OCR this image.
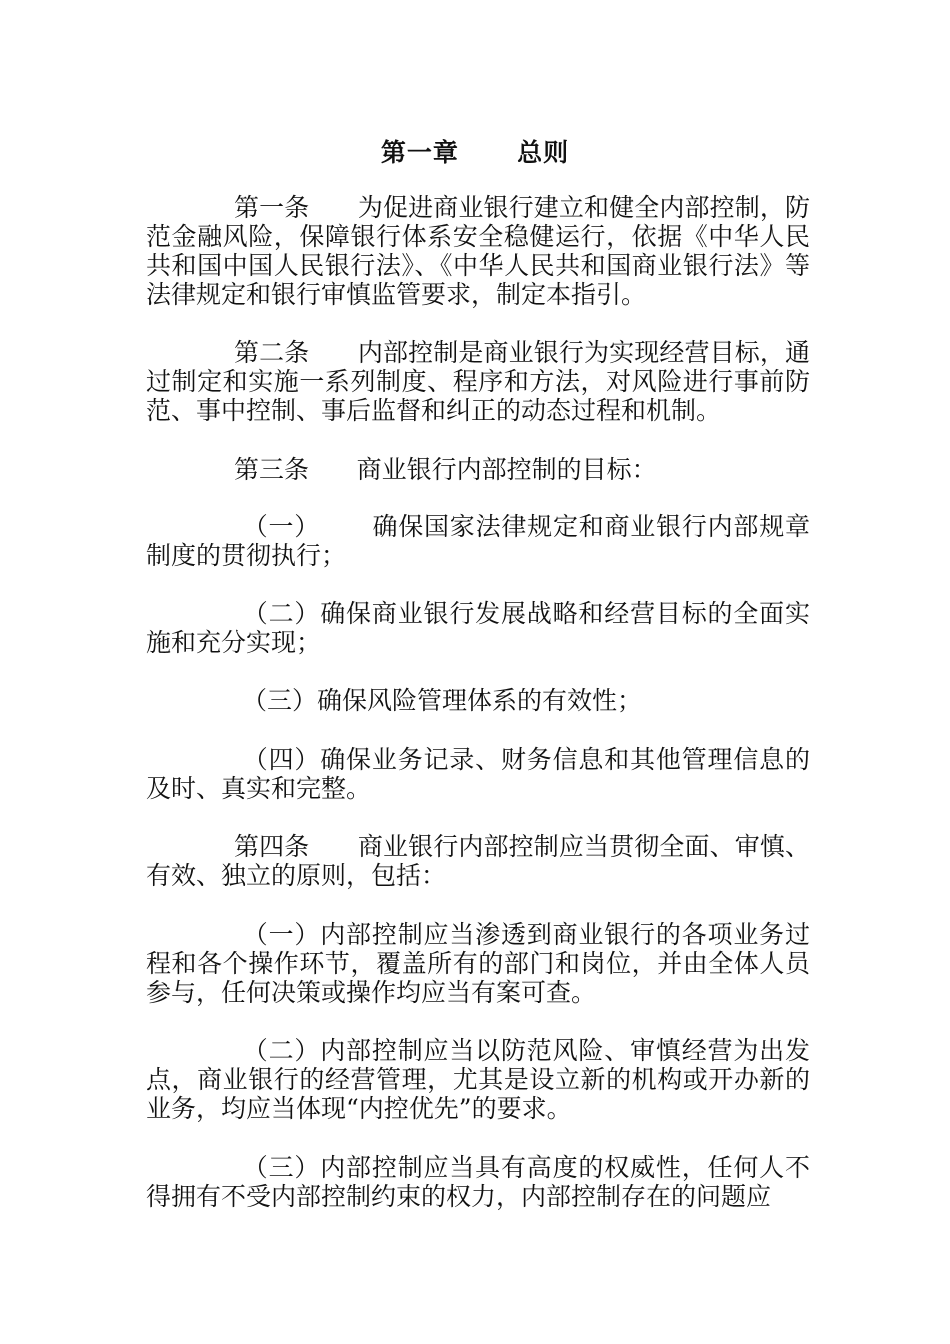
第一章      总则

第一条      为促进商业银行建立和健全内部控制，防范金融风险，保障银行体系安全稳健运行，依据《中华人民共和国中国人民银行法》、《中华人民共和国商业银行法》等法律规定和银行审慎监管要求，制定本指引。

第二条      内部控制是商业银行为实现经营目标，通过制定和实施一系列制度、程序和方法，对风险进行事前防范、事中控制、事后监督和纠正的动态过程和机制。

第三条      商业银行内部控制的目标：

（一）      确保国家法律规定和商业银行内部规章制度的贯彻执行；

（二）确保商业银行发展战略和经营目标的全面实施和充分实现；

（三）确保风险管理体系的有效性；

（四）确保业务记录、财务信息和其他管理信息的及时、真实和完整。

第四条      商业银行内部控制应当贯彻全面、审慎、有效、独立的原则，包括：

（一）内部控制应当渗透到商业银行的各项业务过程和各个操作环节，覆盖所有的部门和岗位，并由全体人员参与，任何决策或操作均应当有案可查。

（二）内部控制应当以防范风险、审慎经营为出发点，商业银行的经营管理，尤其是设立新的机构或开办新的业务，均应当体现“内控优先”的要求。

（三）内部控制应当具有高度的权威性，任何人不得拥有不受内部控制约束的权力，内部控制存在的问题应
